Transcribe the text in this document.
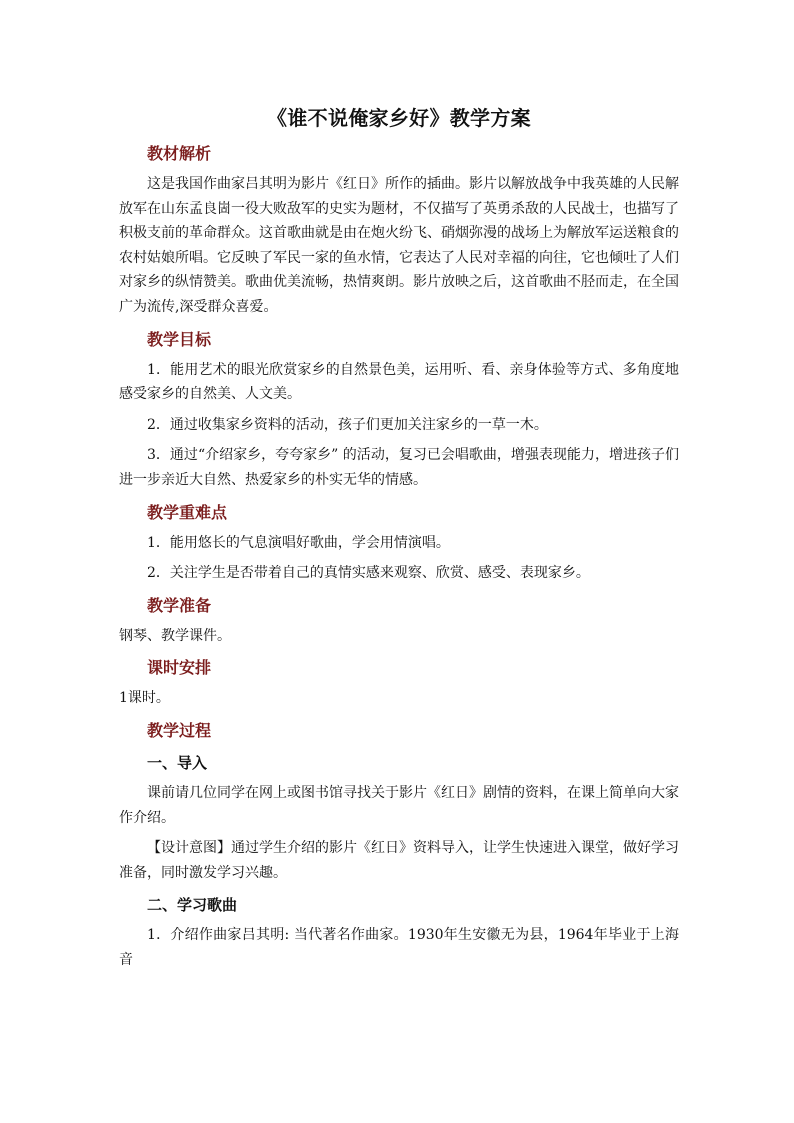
《谁不说俺家乡好》教学方案
教材解析

这是我国作曲家吕其明为影片《红日》所作的插曲。影片以解放战争中我英雄的人民解放军在山东孟良崮一役大败敌军的史实为题材，不仅描写了英勇杀敌的人民战士，也描写了积极支前的革命群众。这首歌曲就是由在炮火纷飞、硝烟弥漫的战场上为解放军运送粮食的农村姑娘所唱。它反映了军民一家的鱼水情，它表达了人民对幸福的向往，它也倾吐了人们对家乡的纵情赞美。歌曲优美流畅，热情爽朗。影片放映之后，这首歌曲不胫而走，在全国广为流传,深受群众喜爱。

教学目标

1．能用艺术的眼光欣赏家乡的自然景色美，运用听、看、亲身体验等方式、多角度地感受家乡的自然美、人文美。

2．通过收集家乡资料的活动，孩子们更加关注家乡的一草一木。

3．通过“介绍家乡，夸夸家乡” 的活动，复习已会唱歌曲，增强表现能力，增进孩子们进一步亲近大自然、热爱家乡的朴实无华的情感。

教学重难点

1．能用悠长的气息演唱好歌曲，学会用情演唱。

2．关注学生是否带着自己的真情实感来观察、欣赏、感受、表现家乡。

教学准备

钢琴、教学课件。

课时安排

1课时。

教学过程
一、导入

课前请几位同学在网上或图书馆寻找关于影片《红日》剧情的资料，在课上简单向大家作介绍。

【设计意图】通过学生介绍的影片《红日》资料导入，让学生快速进入课堂，做好学习准备，同时激发学习兴趣。

二、学习歌曲

1．介绍作曲家吕其明: 当代著名作曲家。1930年生安徽无为县，1964年毕业于上海音
